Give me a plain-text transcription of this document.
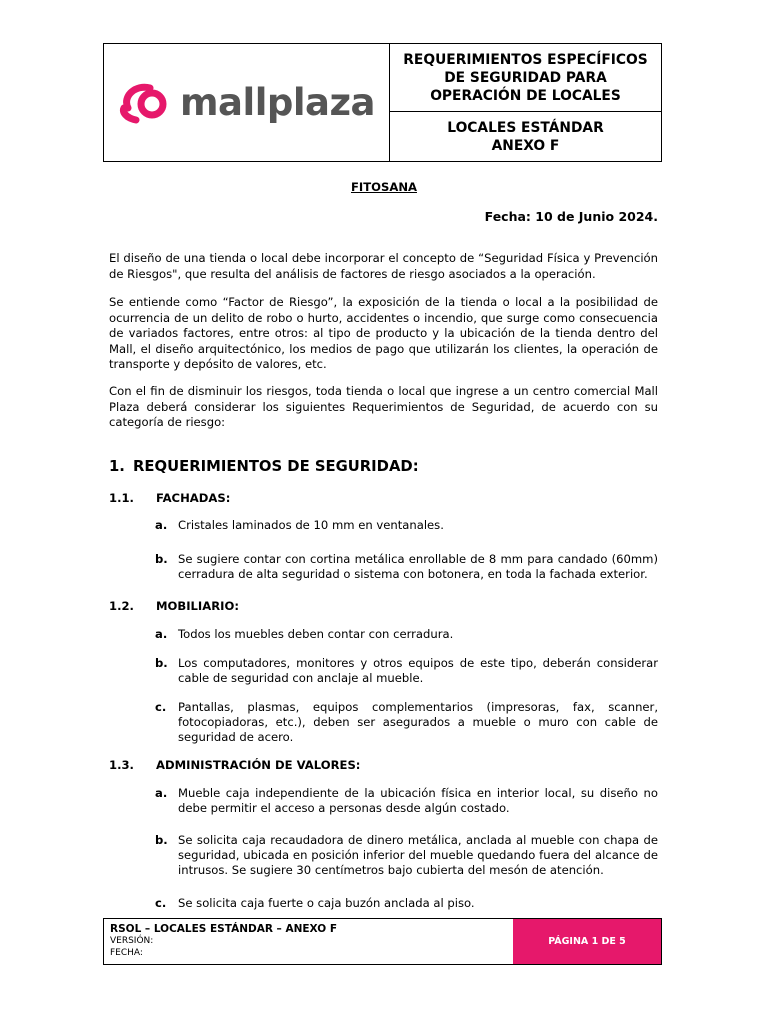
mallplaza
REQUERIMIENTOS ESPECÍFICOS
DE SEGURIDAD PARA
OPERACIÓN DE LOCALES
LOCALES ESTÁNDAR
ANEXO F
FITOSANA
Fecha: 10 de Junio 2024.
El diseño de una tienda o local debe incorporar el concepto de “Seguridad Física y Prevención de Riesgos", que resulta del análisis de factores de riesgo asociados a la operación.
Se entiende como “Factor de Riesgo”, la exposición de la tienda o local a la posibilidad de ocurrencia de un delito de robo o hurto, accidentes o incendio, que surge como consecuencia de variados factores, entre otros: al tipo de producto y la ubicación de la tienda dentro del Mall, el diseño arquitectónico, los medios de pago que utilizarán los clientes, la operación de transporte y depósito de valores, etc.
Con el fin de disminuir los riesgos, toda tienda o local que ingrese a un centro comercial Mall Plaza deberá considerar los siguientes Requerimientos de Seguridad, de acuerdo con su categoría de riesgo:
1. REQUERIMIENTOS DE SEGURIDAD:
1.1. FACHADAS:
a. Cristales laminados de 10 mm en ventanales.
b. Se sugiere contar con cortina metálica enrollable de 8 mm para candado (60mm) cerradura de alta seguridad o sistema con botonera, en toda la fachada exterior.
1.2. MOBILIARIO:
a. Todos los muebles deben contar con cerradura.
b. Los computadores, monitores y otros equipos de este tipo, deberán considerar cable de seguridad con anclaje al mueble.
c.	Pantallas, plasmas, equipos complementarios (impresoras, fax, scanner, fotocopiadoras, etc.), deben ser asegurados a mueble o muro con cable de seguridad de acero.
1.3. ADMINISTRACIÓN DE VALORES:
a. Mueble caja independiente de la ubicación física en interior local, su diseño no debe permitir el acceso a personas desde algún costado.
b. Se solicita caja recaudadora de dinero metálica, anclada al mueble con chapa de seguridad, ubicada en posición inferior del mueble quedando fuera del alcance de intrusos. Se sugiere 30 centímetros bajo cubierta del mesón de atención.
c.	Se solicita caja fuerte o caja buzón anclada al piso.
RSOL – LOCALES ESTÁNDAR – ANEXO F
VERSIÓN:
FECHA:
PÁGINA 1 DE 5
